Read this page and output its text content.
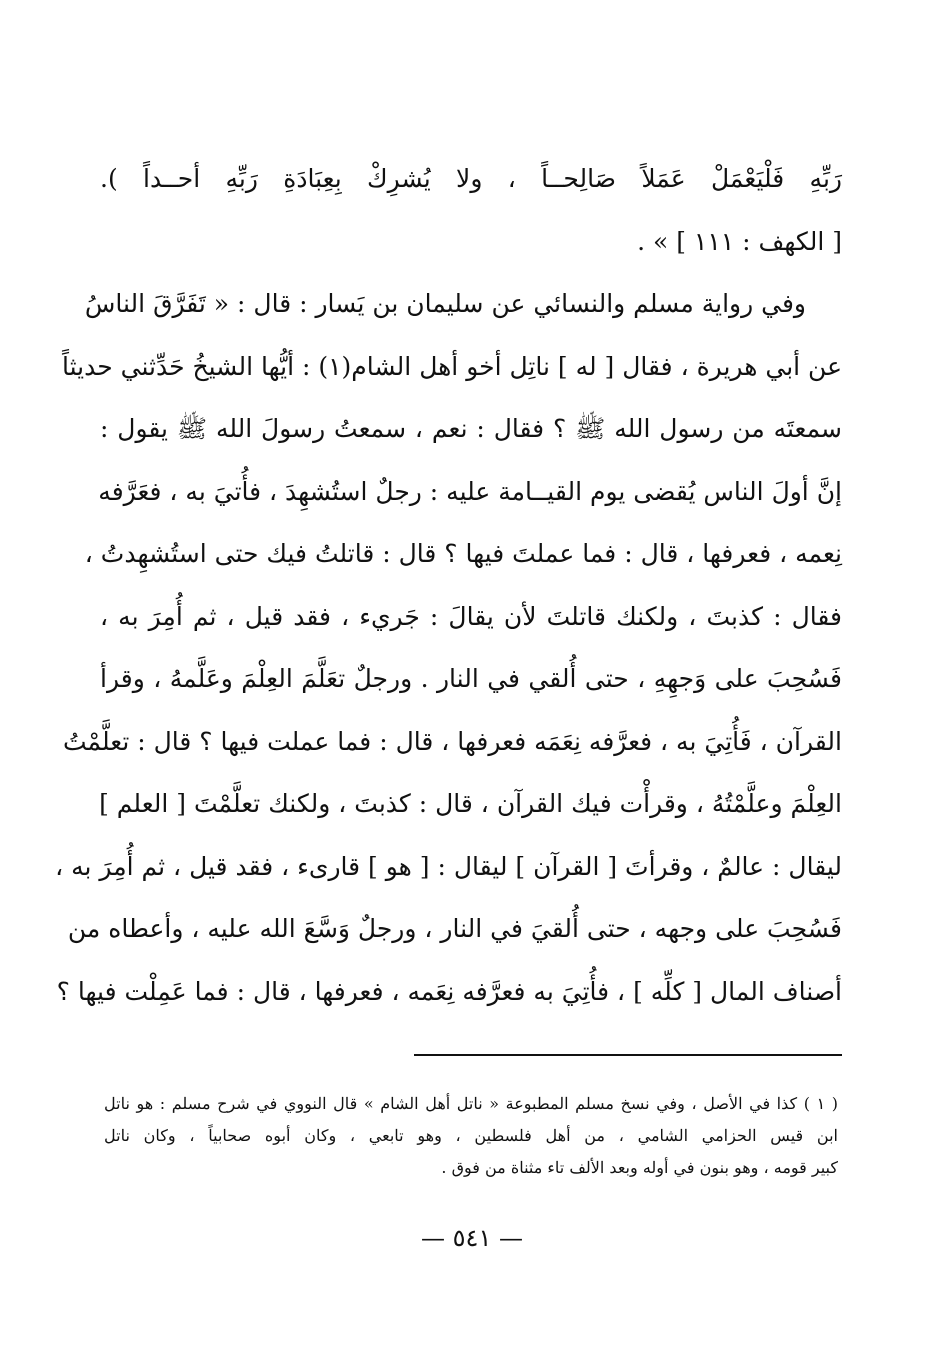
رَبِّهِ فَلْيَعْمَلْ عَمَلاً صَالِحــاً ، ولا يُشرِكْ بِعِبَادَةِ رَبِّهِ أحــداً ).
[ الكهف : ١١١ ] » .
وفي رواية مسلم والنسائي عن سليمان بن يَسار : قال : « تَفَرَّقَ الناسُ
عن أبي هريرة ، فقال [ له ] ناتِل أخو أهل الشام(١) : أيُّها الشيخُ حَدِّثني حديثاً
سمعتَه من رسول الله ﷺ ؟ فقال : نعم ، سمعتُ رسولَ الله ﷺ يقول :
إنَّ أولَ الناس يُقضى يوم القيــامة عليه : رجلٌ استُشهِدَ ، فأُتيَ به ، فعَرَّفه
نِعمه ، فعرفها ، قال : فما عملتَ فيها ؟ قال : قاتلتُ فيك حتى استُشهِدتُ ،
فقال : كذبتَ ، ولكنك قاتلتَ لأن يقالَ : جَريء ، فقد قيل ، ثم أُمِرَ به ،
فَسُحِبَ على وَجهِهِ ، حتى أُلقي في النار . ورجلٌ تعَلَّمَ العِلْمَ وعَلَّمهُ ، وقرأ
القرآن ، فَأُتِيَ به ، فعرَّفه نِعَمَه فعرفها ، قال : فما عملت فيها ؟ قال : تعلَّمْتُ
العِلْمَ وعلَّمْتُهُ ، وقرأْت فيك القرآن ، قال : كذبتَ ، ولكنك تعلَّمْتَ [ العلم ]
ليقال : عالمٌ ، وقرأتَ [ القرآن ] ليقال : [ هو ] قارىء ، فقد قيل ، ثم أُمِرَ به ،
فَسُحِبَ على وجهه ، حتى أُلقيَ في النار ، ورجلٌ وَسَّعَ الله عليه ، وأعطاه من
أصناف المال [ كلِّه ] ، فأُتِيَ به فعرَّفه نِعَمه ، فعرفها ، قال : فما عَمِلْت فيها ؟
( ١ ) كذا في الأصل ، وفي نسخ مسلم المطبوعة « ناتل أهل الشام » قال النووي في شرح مسلم : هو ناتل
ابن قيس الحزامي الشامي ، من أهل فلسطين ، وهو تابعي ، وكان أبوه صحابياً ، وكان ناتل
كبير قومه ، وهو بنون في أوله وبعد الألف تاء مثناة من فوق .
— ٥٤١ —
